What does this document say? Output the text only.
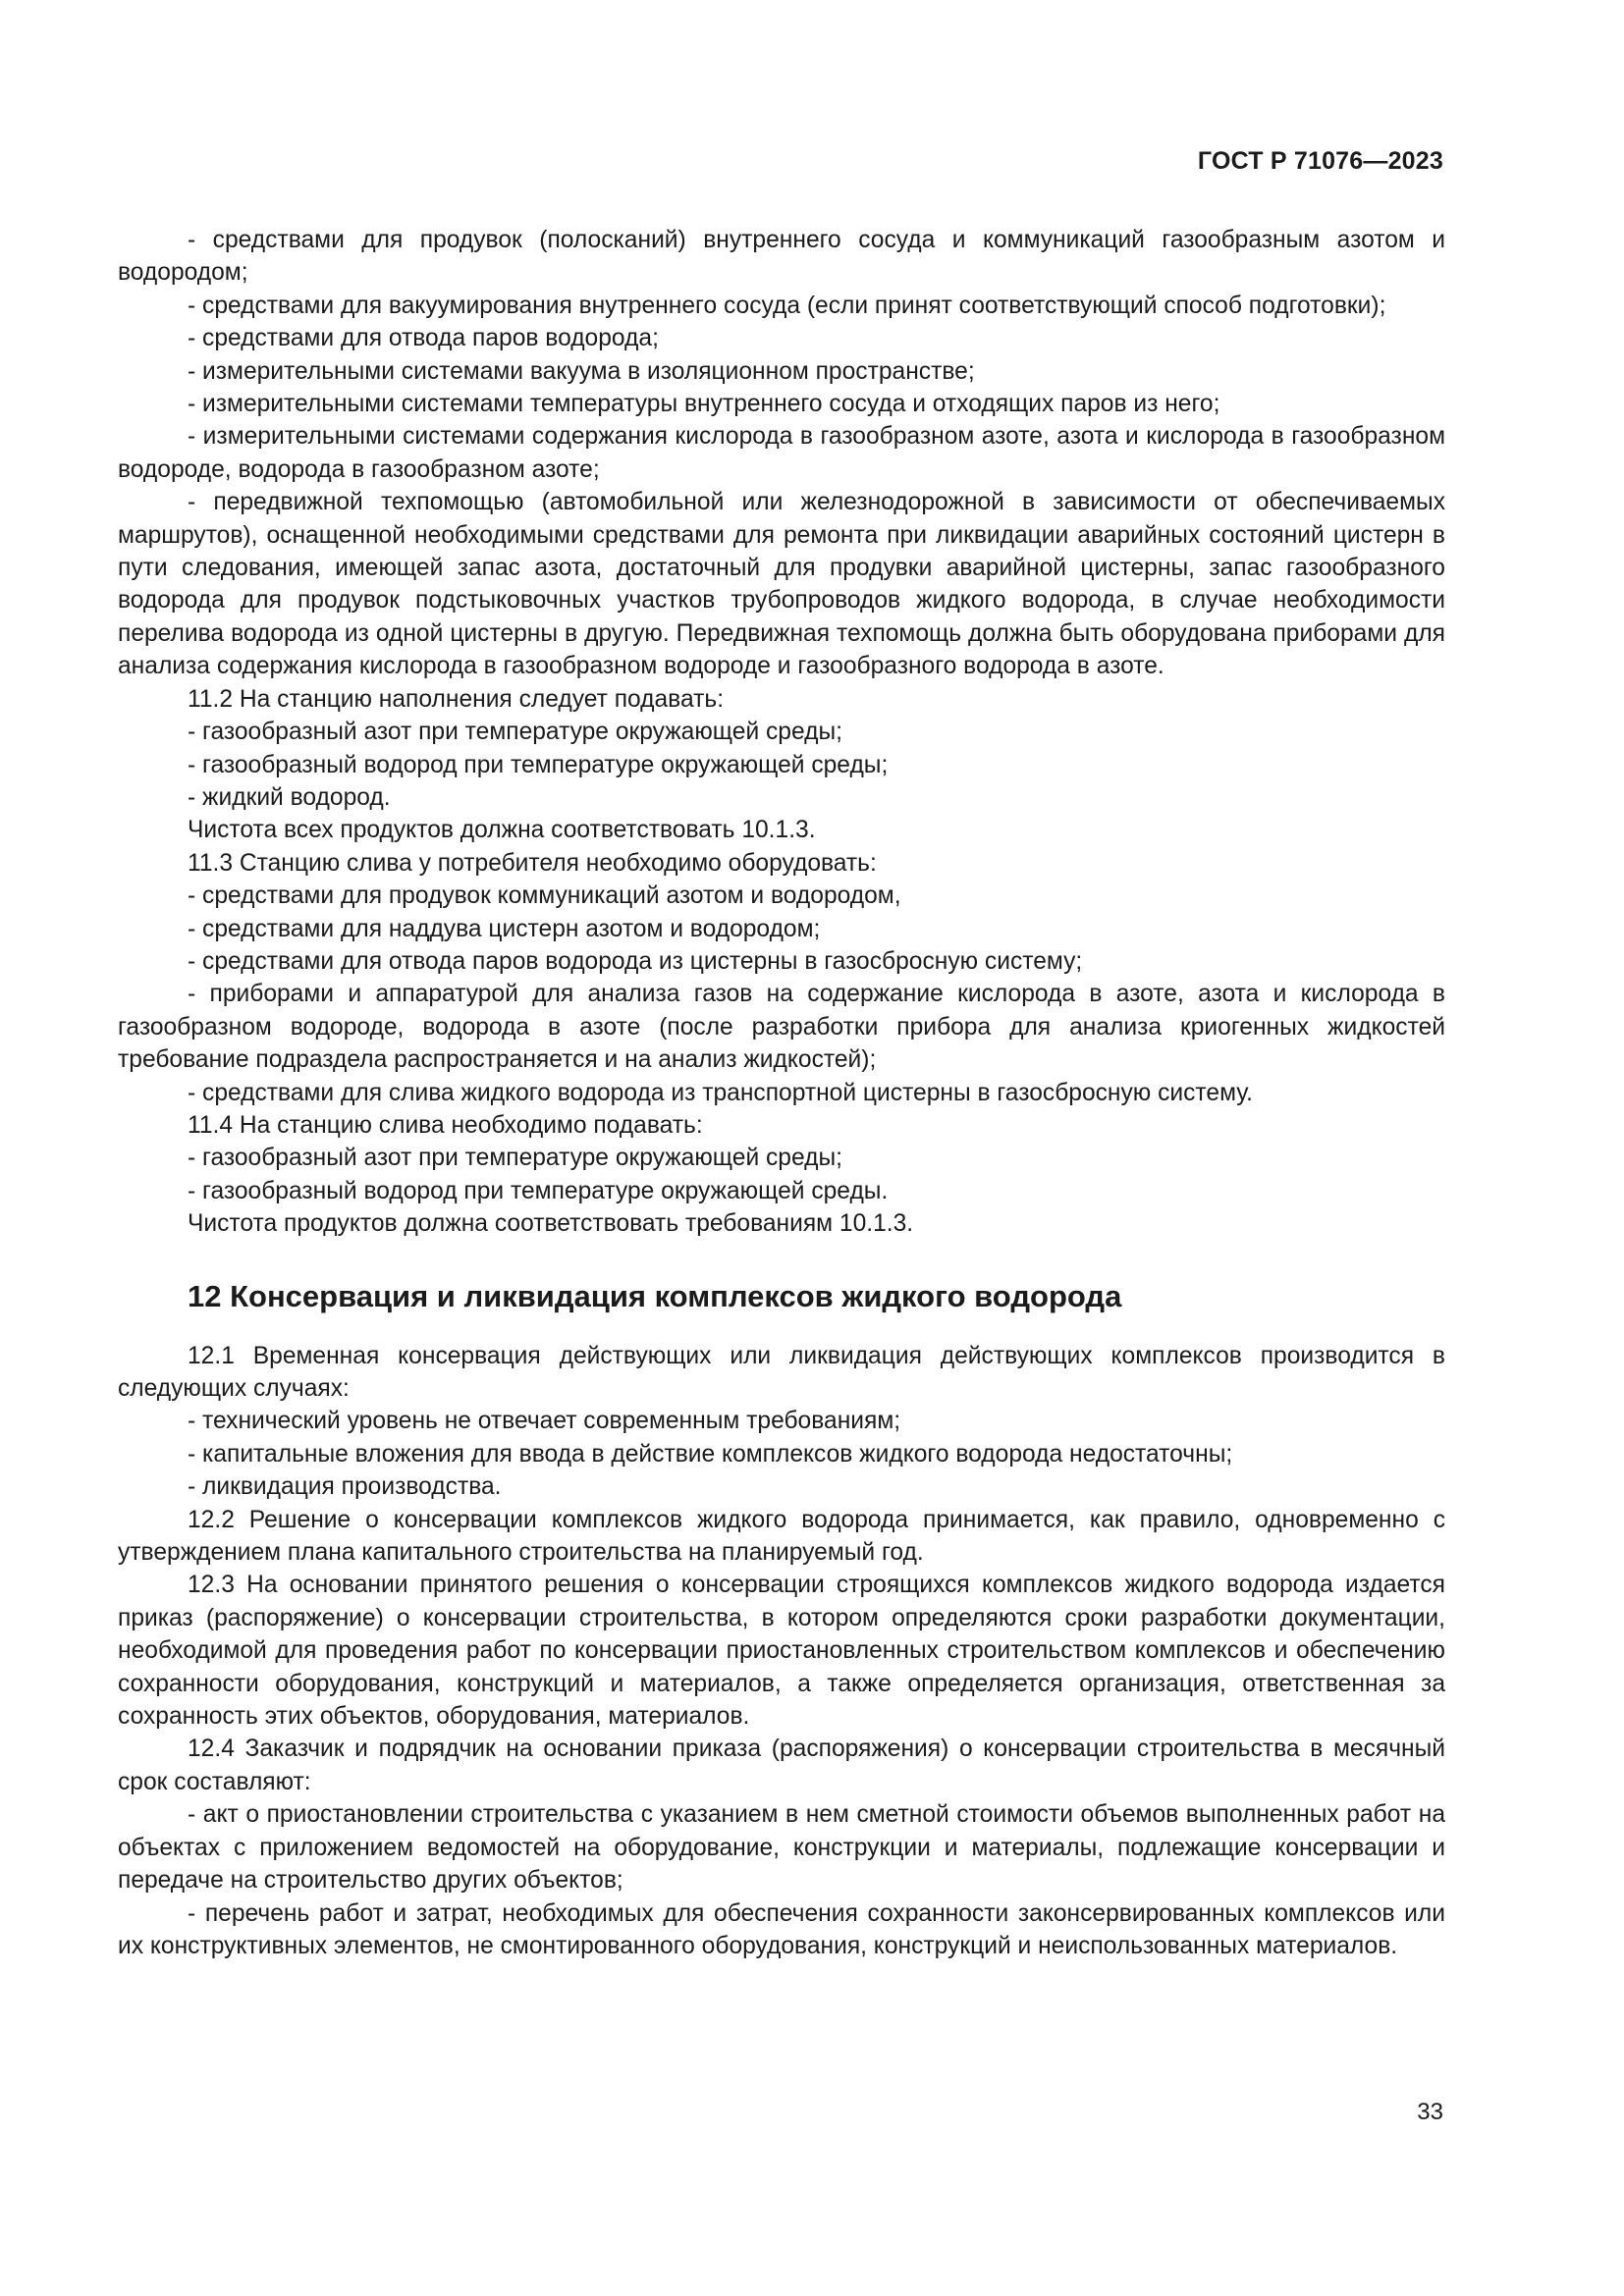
ГОСТ Р 71076—2023

- средствами для продувок (полосканий) внутреннего сосуда и коммуникаций газообразным азотом и водородом;

- средствами для вакуумирования внутреннего сосуда (если принят соответствующий способ подготовки);

- средствами для отвода паров водорода;

- измерительными системами вакуума в изоляционном пространстве;

- измерительными системами температуры внутреннего сосуда и отходящих паров из него;

- измерительными системами содержания кислорода в газообразном азоте, азота и кислорода в газообразном водороде, водорода в газообразном азоте;

- передвижной техпомощью (автомобильной или железнодорожной в зависимости от обеспечиваемых маршрутов), оснащенной необходимыми средствами для ремонта при ликвидации аварийных состояний цистерн в пути следования, имеющей запас азота, достаточный для продувки аварийной цистерны, запас газообразного водорода для продувок подстыковочных участков трубопроводов жидкого водорода, в случае необходимости перелива водорода из одной цистерны в другую. Передвижная техпомощь должна быть оборудована приборами для анализа содержания кислорода в газообразном водороде и газообразного водорода в азоте.

11.2 На станцию наполнения следует подавать:

- газообразный азот при температуре окружающей среды;

- газообразный водород при температуре окружающей среды;

- жидкий водород.

Чистота всех продуктов должна соответствовать 10.1.3.

11.3 Станцию слива у потребителя необходимо оборудовать:

- средствами для продувок коммуникаций азотом и водородом,

- средствами для наддува цистерн азотом и водородом;

- средствами для отвода паров водорода из цистерны в газосбросную систему;

- приборами и аппаратурой для анализа газов на содержание кислорода в азоте, азота и кислорода в газообразном водороде, водорода в азоте (после разработки прибора для анализа криогенных жидкостей требование подраздела распространяется и на анализ жидкостей);

- средствами для слива жидкого водорода из транспортной цистерны в газосбросную систему.

11.4 На станцию слива необходимо подавать:

- газообразный азот при температуре окружающей среды;

- газообразный водород при температуре окружающей среды.

Чистота продуктов должна соответствовать требованиям 10.1.3.

12 Консервация и ликвидация комплексов жидкого водорода

12.1 Временная консервация действующих или ликвидация действующих комплексов производится в следующих случаях:

- технический уровень не отвечает современным требованиям;

- капитальные вложения для ввода в действие комплексов жидкого водорода недостаточны;

- ликвидация производства.

12.2 Решение о консервации комплексов жидкого водорода принимается, как правило, одновременно с утверждением плана капитального строительства на планируемый год.

12.3 На основании принятого решения о консервации строящихся комплексов жидкого водорода издается приказ (распоряжение) о консервации строительства, в котором определяются сроки разработки документации, необходимой для проведения работ по консервации приостановленных строительством комплексов и обеспечению сохранности оборудования, конструкций и материалов, а также определяется организация, ответственная за сохранность этих объектов, оборудования, материалов.

12.4 Заказчик и подрядчик на основании приказа (распоряжения) о консервации строительства в месячный срок составляют:

- акт о приостановлении строительства с указанием в нем сметной стоимости объемов выполненных работ на объектах с приложением ведомостей на оборудование, конструкции и материалы, подлежащие консервации и передаче на строительство других объектов;

- перечень работ и затрат, необходимых для обеспечения сохранности законсервированных комплексов или их конструктивных элементов, не смонтированного оборудования, конструкций и неиспользованных материалов.

33
